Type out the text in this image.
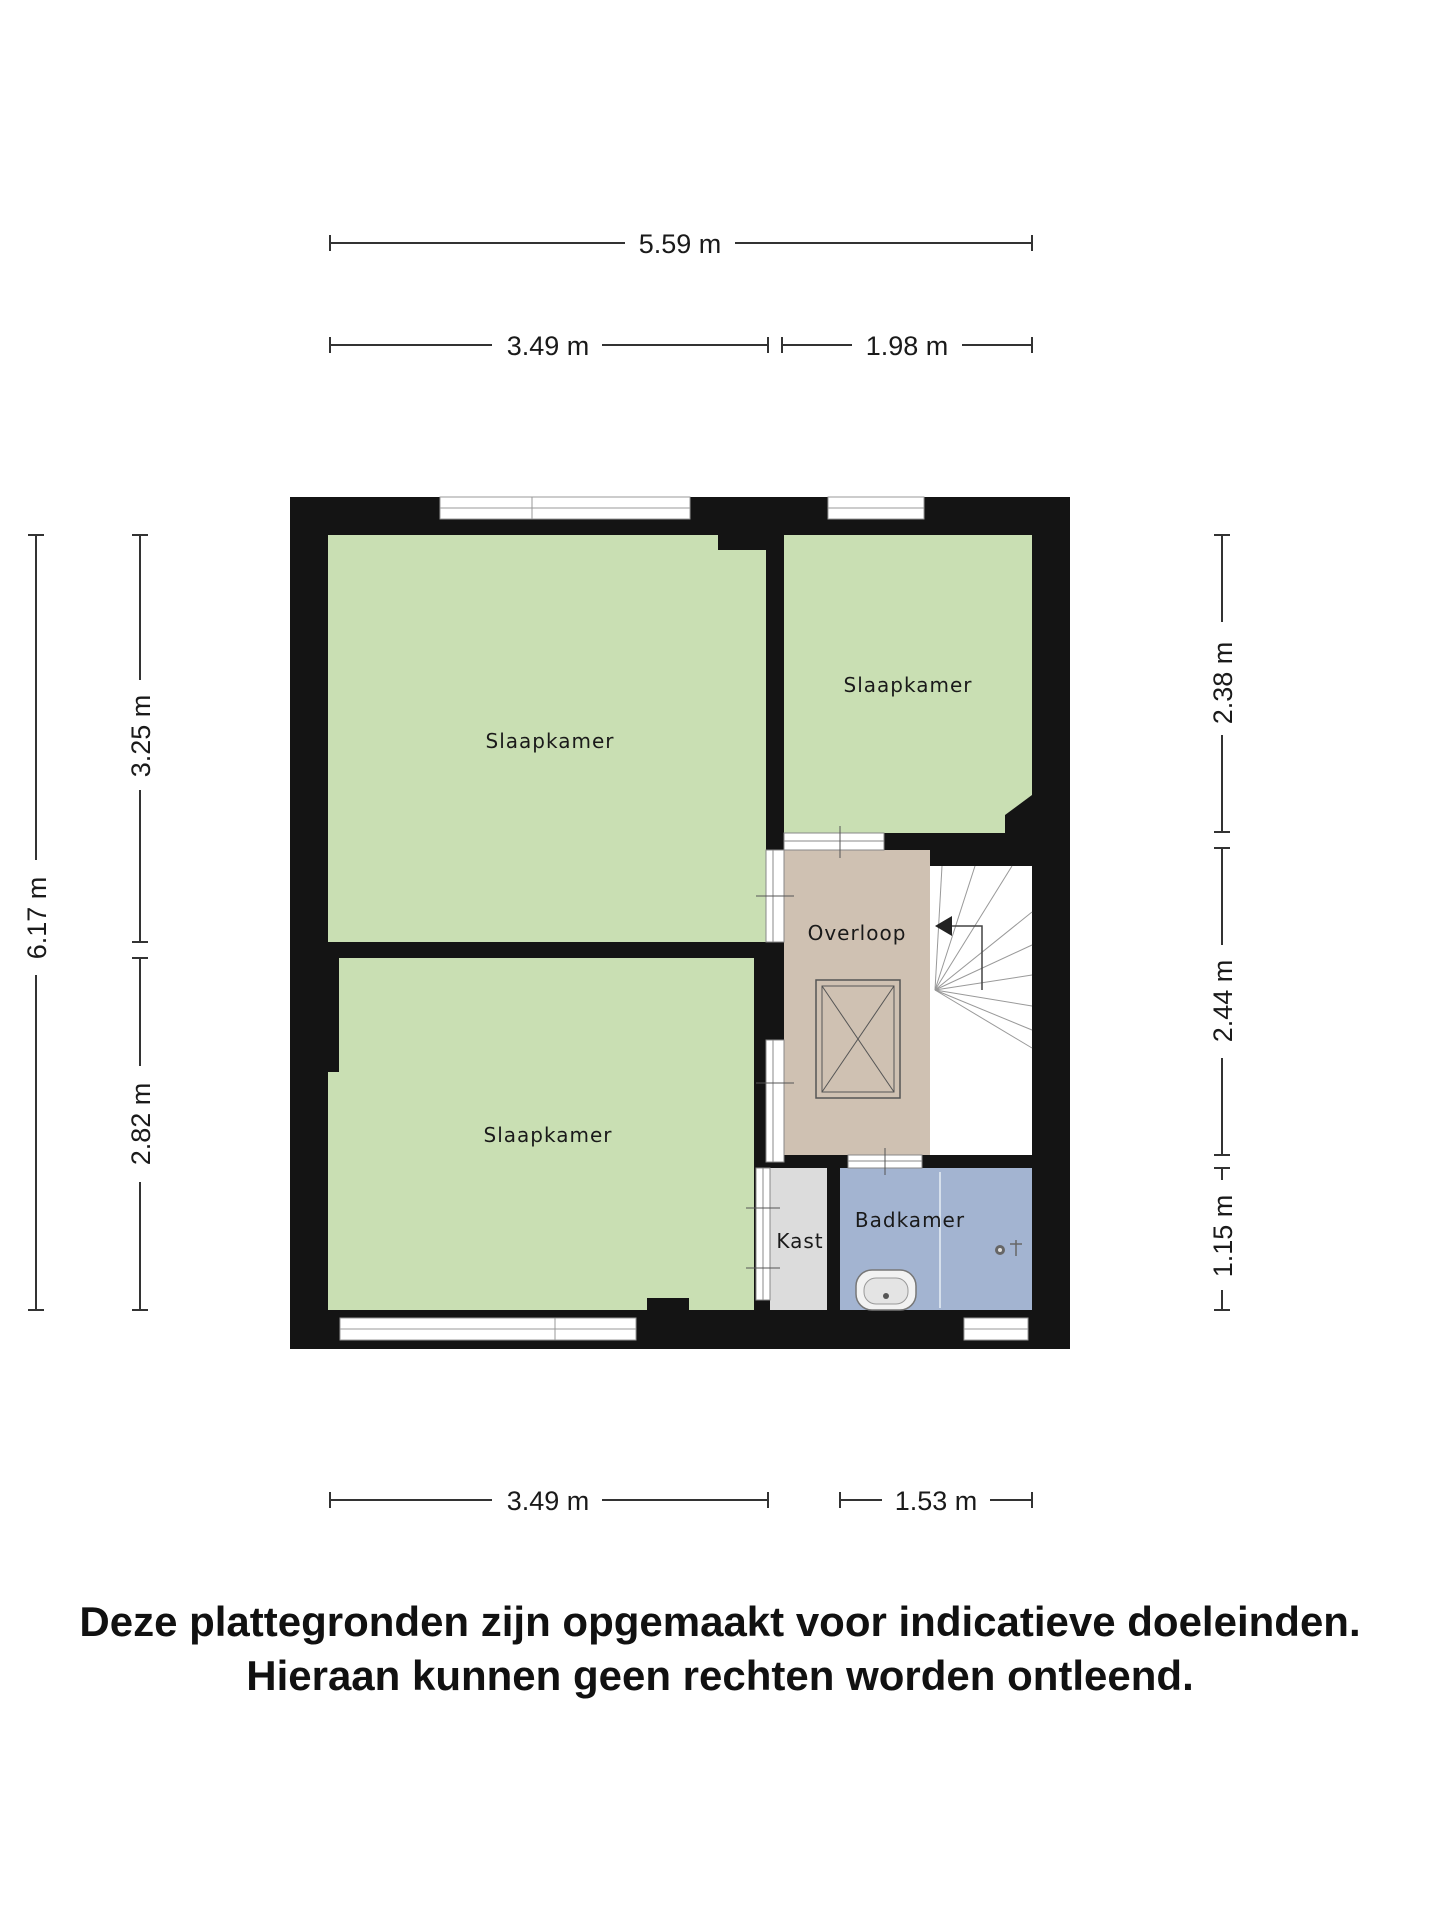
5.59 m
3.49 m	1.98 m
6.17 m
3.25 m
2.82 m
2.38 m
2.44 m
1.15 m
3.49 m	1.53 m
Slaapkamer
Slaapkamer
Slaapkamer
Overloop
Kast
Badkamer
Deze plattegronden zijn opgemaakt voor indicatieve doeleinden.
Hieraan kunnen geen rechten worden ontleend.
